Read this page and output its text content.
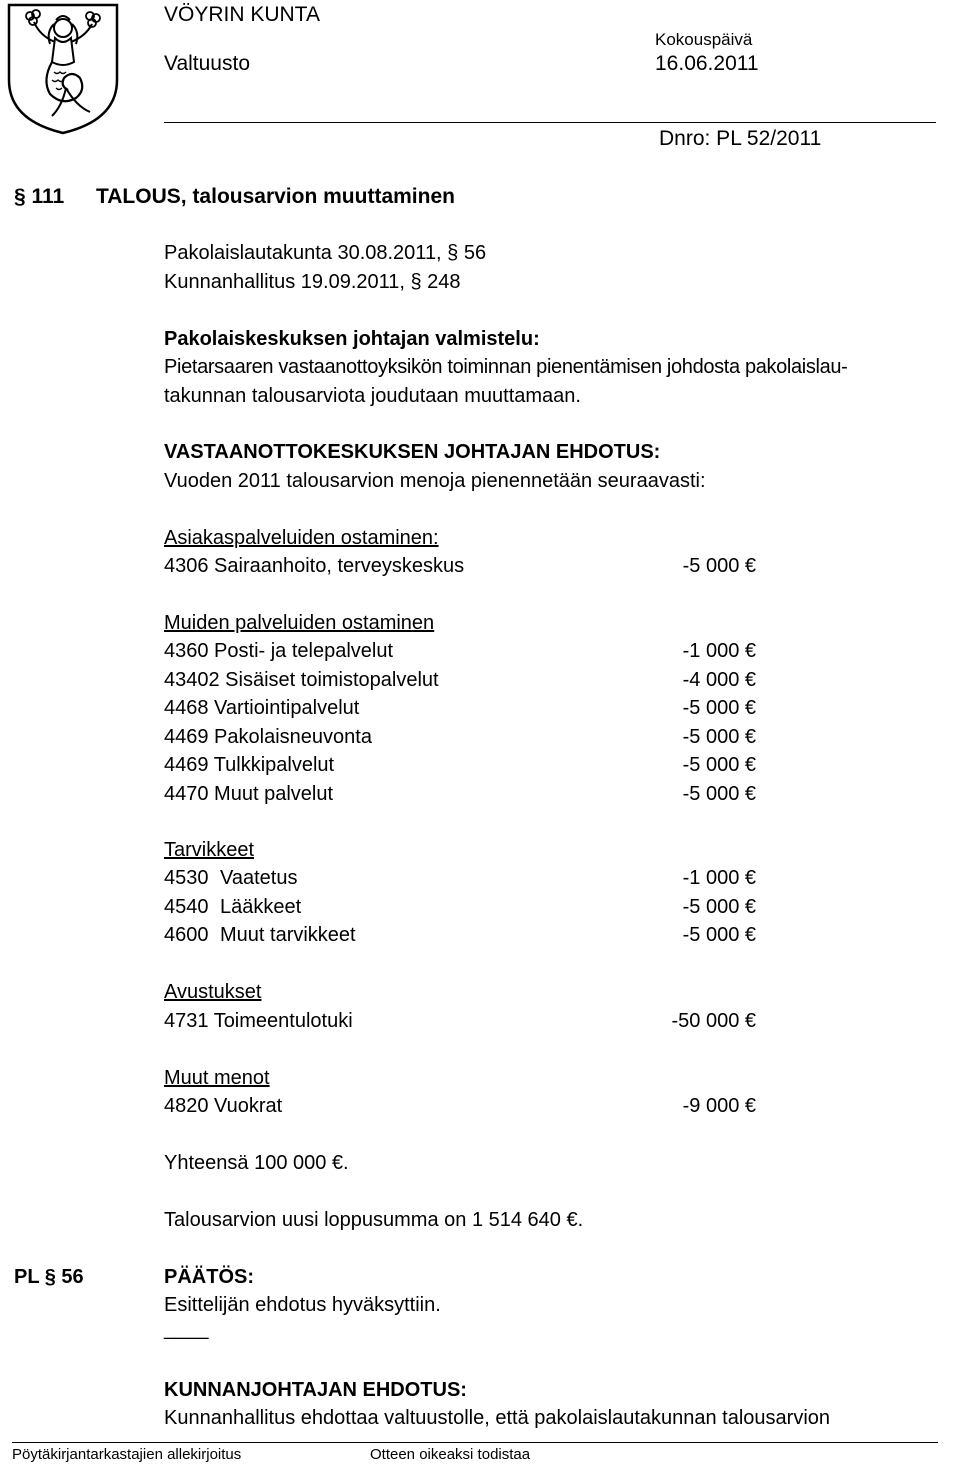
VÖYRIN KUNTA
Valtuusto
Kokouspäivä
16.06.2011
Dnro: PL 52/2011
§ 111 TALOUS, talousarvion muuttaminen
Pakolaislautakunta 30.08.2011, § 56
Kunnanhallitus 19.09.2011, § 248
Pakolaiskeskuksen johtajan valmistelu:
Pietarsaaren vastaanottoyksikön toiminnan pienentämisen johdosta pakolaislau-
takunnan talousarviota joudutaan muuttamaan.
VASTAANOTTOKESKUKSEN JOHTAJAN EHDOTUS:
Vuoden 2011 talousarvion menoja pienennetään seuraavasti:
Asiakaspalveluiden ostaminen:
4306 Sairaanhoito, terveyskeskus	-5 000 €
Muiden palveluiden ostaminen
4360 Posti- ja telepalvelut	-1 000 €
43402 Sisäiset toimistopalvelut	-4 000 €
4468 Vartiointipalvelut	-5 000 €
4469 Pakolaisneuvonta	-5 000 €
4469 Tulkkipalvelut	-5 000 €
4470 Muut palvelut	-5 000 €
Tarvikkeet
4530 Vaatetus	-1 000 €
4540 Lääkkeet	-5 000 €
4600 Muut tarvikkeet	-5 000 €
Avustukset
4731 Toimeentulotuki	-50 000 €
Muut menot
4820 Vuokrat	-9 000 €
Yhteensä 100 000 €.
Talousarvion uusi loppusumma on 1 514 640 €.
PL § 56	PÄÄTÖS:
Esittelijän ehdotus hyväksyttiin.
____
KUNNANJOHTAJAN EHDOTUS:
Kunnanhallitus ehdottaa valtuustolle, että pakolaislautakunnan talousarvion
Pöytäkirjantarkastajien allekirjoitus	Otteen oikeaksi todistaa
